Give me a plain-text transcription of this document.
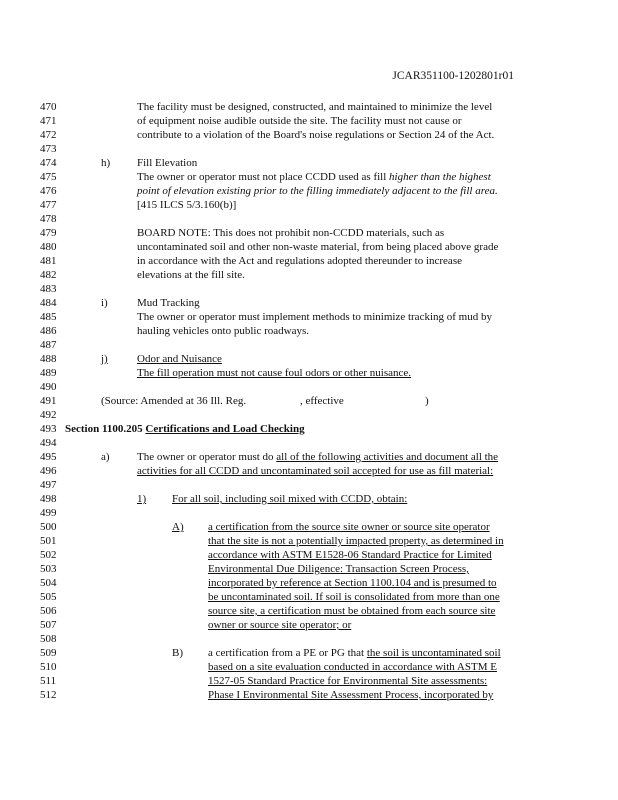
JCAR351100-1202801r01
470	The facility must be designed, constructed, and maintained to minimize the level
471	of equipment noise audible outside the site. The facility must not cause or
472	contribute to a violation of the Board's noise regulations or Section 24 of the Act.
473
474	h) Fill Elevation
475	The owner or operator must not place CCDD used as fill higher than the highest
476	point of elevation existing prior to the filling immediately adjacent to the fill area.
477	[415 ILCS 5/3.160(b)]
478
479	BOARD NOTE: This does not prohibit non-CCDD materials, such as
480	uncontaminated soil and other non-waste material, from being placed above grade
481	in accordance with the Act and regulations adopted thereunder to increase
482	elevations at the fill site.
483
484	i)	Mud Tracking
485	The owner or operator must implement methods to minimize tracking of mud by
486	hauling vehicles onto public roadways.
487
488	j)	Odor and Nuisance
489	The fill operation must not cause foul odors or other nuisance.
490
491	(Source: Amended at 36 Ill. Reg.	, effective	)
492
493 Section 1100.205 Certifications and Load Checking
494
495	a) The owner or operator must do all of the following activities and document all the
496	activities for all CCDD and uncontaminated soil accepted for use as fill material:
497
498	1) For all soil, including soil mixed with CCDD, obtain:
499
500	A) a certification from the source site owner or source site operator
501	that the site is not a potentially impacted property, as determined in
502	accordance with ASTM E1528-06 Standard Practice for Limited
503	Environmental Due Diligence: Transaction Screen Process,
504	incorporated by reference at Section 1100.104 and is presumed to
505	be uncontaminated soil. If soil is consolidated from more than one
506	source site, a certification must be obtained from each source site
507	owner or source site operator; or
508
509	B) a certification from a PE or PG that the soil is uncontaminated soil
510	based on a site evaluation conducted in accordance with ASTM E
511	1527-05 Standard Practice for Environmental Site assessments:
512	Phase I Environmental Site Assessment Process, incorporated by
